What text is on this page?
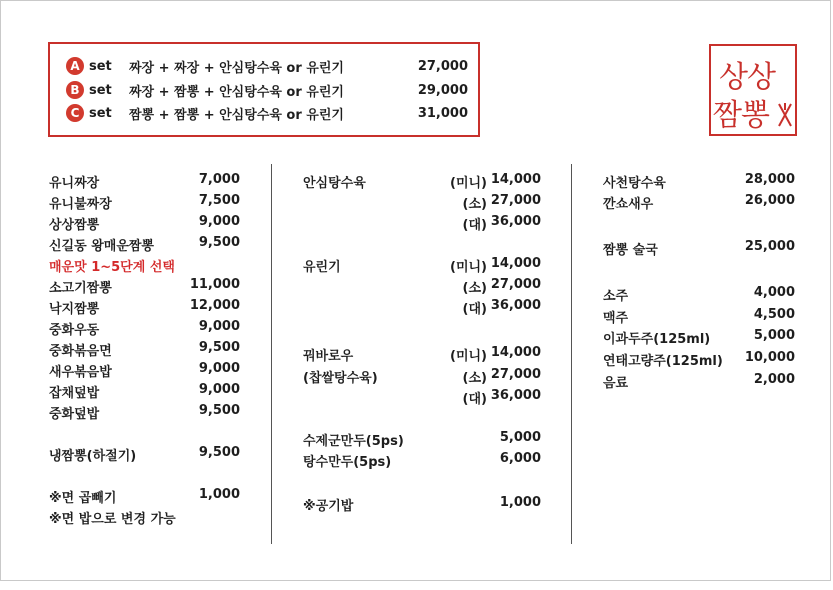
A set	짜장 + 짜장 + 안심탕수육 or 유린기	27,000
B set	짜장 + 짬뽕 + 안심탕수육 or 유린기	29,000
C set	짬뽕 + 짬뽕 + 안심탕수육 or 유린기	31,000
상상
짬뽕
유니짜장	7,000
유니불짜장	7,500
상상짬뽕	9,000
신길동 왕매운짬뽕	9,500
매운맛 1~5단계 선택
소고기짬뽕	11,000
낙지짬뽕	12,000
중화우동	9,000
중화볶음면	9,500
새우볶음밥	9,000
잡채덮밥	9,000
중화덮밥	9,500
냉짬뽕(하절기)	9,500
※면 곱빼기	1,000
※면 밥으로 변경 가능
안심탕수육	(미니) 14,000
(소) 27,000
(대) 36,000
유린기	(미니) 14,000
(소) 27,000
(대) 36,000
꿔바로우	(미니) 14,000
(찹쌀탕수육)	(소) 27,000
(대) 36,000
수제군만두(5ps)	5,000
탕수만두(5ps)	6,000
※공기밥	1,000
사천탕수육	28,000
깐쇼새우	26,000
짬뽕 술국	25,000
소주	4,000
맥주	4,500
이과두주(125ml)	5,000
연태고량주(125ml) 10,000
음료	2,000
